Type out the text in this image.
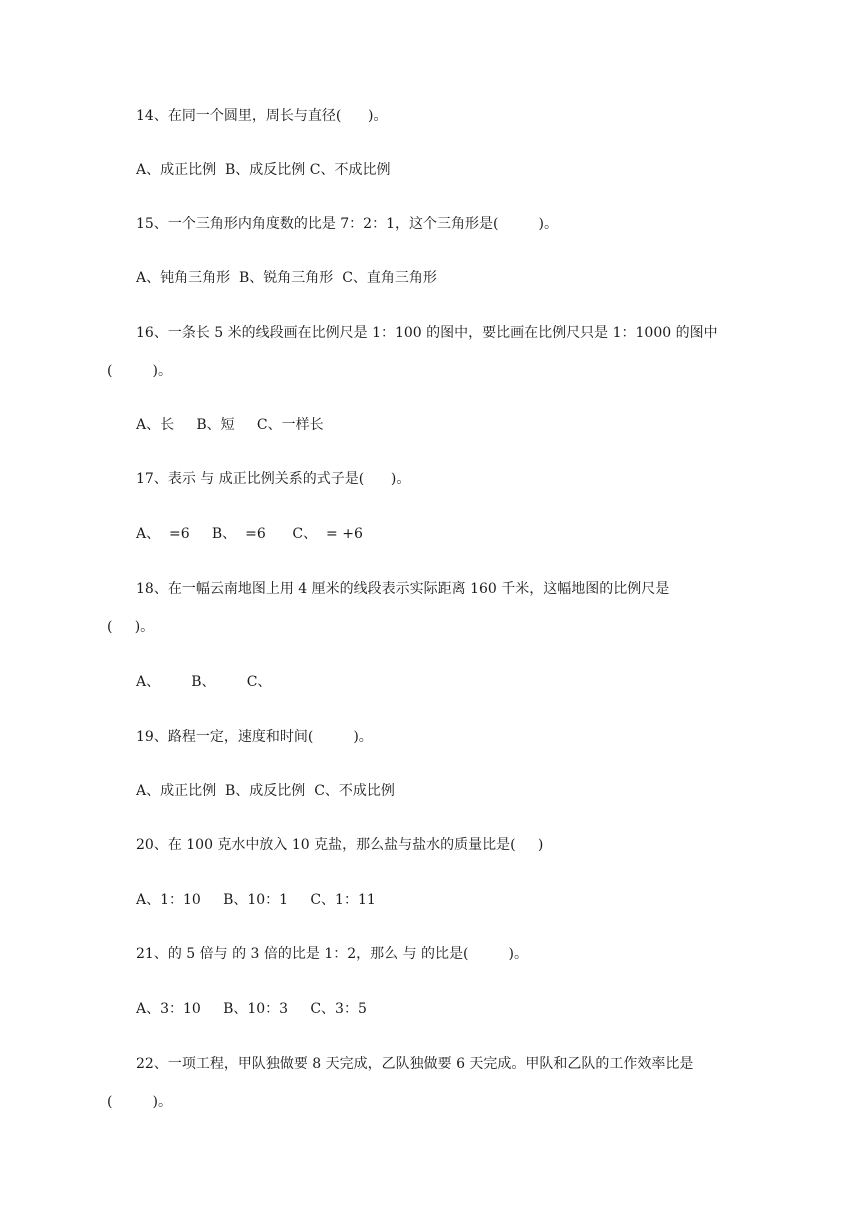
14、在同一个圆里，周长与直径(      )。
A、成正比例  B、成反比例 C、不成比例
15、一个三角形内角度数的比是 7：2：1，这个三角形是(         )。
A、钝角三角形  B、锐角三角形  C、直角三角形
16、一条长 5 米的线段画在比例尺是 1：100 的图中，要比画在比例尺只是 1：1000 的图中
(         )。
A、长     B、短     C、一样长
17、表示 与 成正比例关系的式子是(      )。
A、  =6     B、  =6      C、  = +6
18、在一幅云南地图上用 4 厘米的线段表示实际距离 160 千米，这幅地图的比例尺是
(     )。
A、       B、       C、
19、路程一定，速度和时间(         )。
A、成正比例  B、成反比例  C、不成比例
20、在 100 克水中放入 10 克盐，那么盐与盐水的质量比是(     )
A、1：10     B、10：1     C、1：11
21、的 5 倍与 的 3 倍的比是 1：2，那么 与 的比是(         )。
A、3：10     B、10：3     C、3：5
22、一项工程，甲队独做要 8 天完成，乙队独做要 6 天完成。甲队和乙队的工作效率比是
(         )。
